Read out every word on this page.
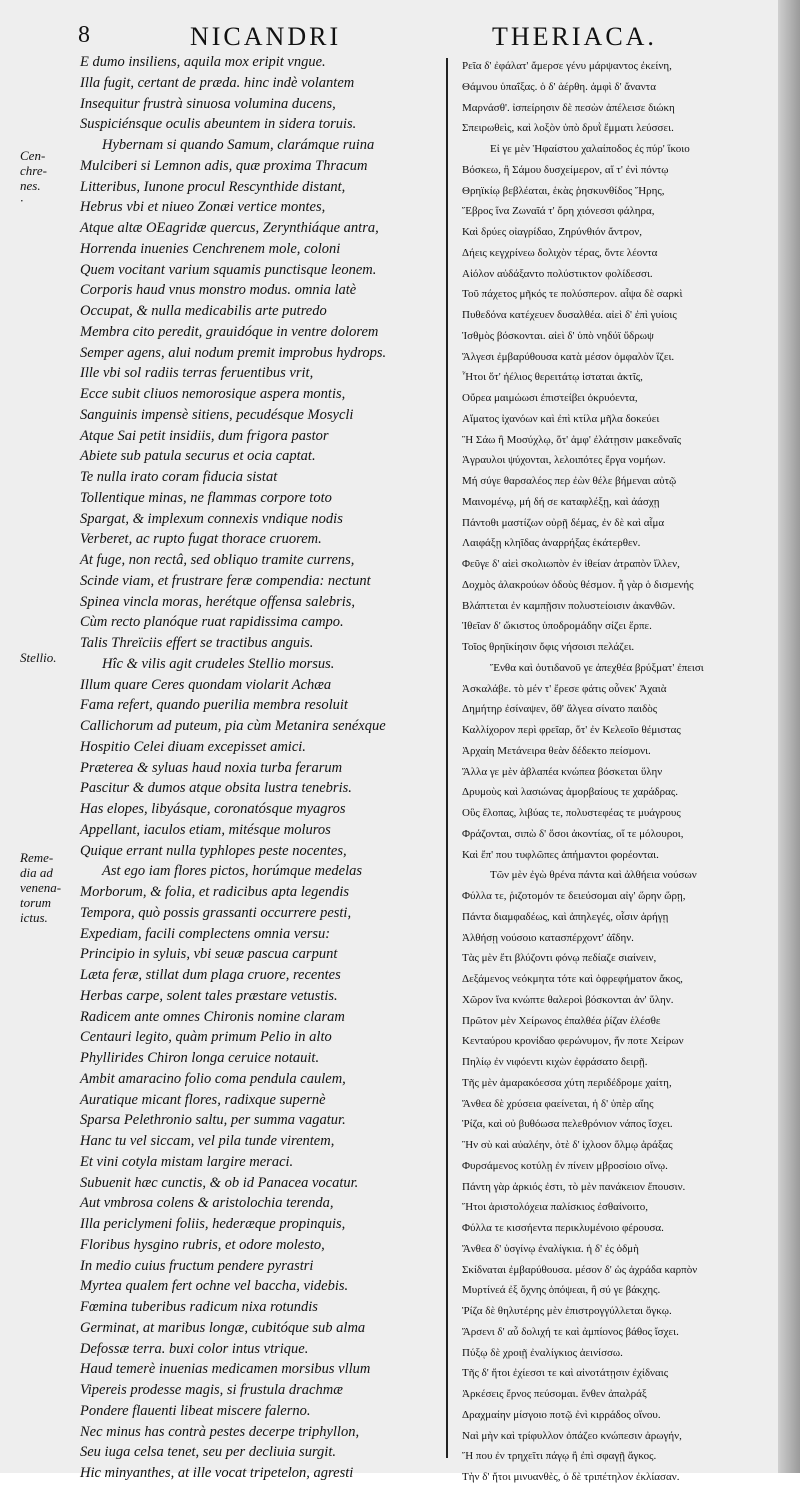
8	NICANDRI	THERIACA.
Cen-
chre-
nes.
·
Stellio.
Reme-
dia ad
venena-
torum
ictus.
E dumo insiliens, aquila mox eripit vngue.
Illa fugit, certant de præda. hinc indè volantem
Insequitur frustrà sinuosa volumina ducens,
Suspiciénsque oculis abeuntem in sidera toruis.
Hybernam si quando Samum, clarámque ruina
Mulciberi si Lemnon adis, quæ proxima Thracum
Litteribus, Iunone procul Rescynthide distant,
Hebrus vbi et niueo Zonæi vertice montes,
Atque altæ OEagridæ quercus, Zerynthiáque antra,
Horrenda inuenies Cenchrenem mole, coloni
Quem vocitant varium squamis punctisque leonem.
Corporis haud vnus monstro modus. omnia latè
Occupat, & nulla medicabilis arte putredo
Membra cito peredit, grauidóque in ventre dolorem
Semper agens, alui nodum premit improbus hydrops.
Ille vbi sol radiis terras feruentibus vrit,
Ecce subit cliuos nemorosique aspera montis,
Sanguinis impensè sitiens, pecudésque Mosycli
Atque Sai petit insidiis, dum frigora pastor
Abiete sub patula securus et ocia captat.
Te nulla irato coram fiducia sistat
Tollentique minas, ne flammas corpore toto
Spargat, & implexum connexis vndique nodis
Verberet, ac rupto fugat thorace cruorem.
At fuge, non rectâ, sed obliquo tramite currens,
Scinde viam, et frustrare feræ compendia: nectunt
Spinea vincla moras, herétque offensa salebris,
Cùm recto planóque ruat rapidissima campo.
Talis Threïciis effert se tractibus anguis.
Hîc & vilis agit crudeles Stellio morsus.
Illum quare Ceres quondam violarit Achæa
Fama refert, quando puerilia membra resoluit
Callichorum ad puteum, pia cùm Metanira senéxque
Hospitio Celei diuam excepisset amici.
Præterea & syluas haud noxia turba ferarum
Pascitur & dumos atque obsita lustra tenebris.
Has elopes, libyásque, coronatósque myagros
Appellant, iaculos etiam, mitésque moluros
Quique errant nulla typhlopes peste nocentes,
Ast ego iam flores pictos, horúmque medelas
Morborum, & folia, et radicibus apta legendis
Tempora, quò possis grassanti occurrere pesti,
Expediam, facili complectens omnia versu:
Principio in syluis, vbi seuæ pascua carpunt
Læta feræ, stillat dum plaga cruore, recentes
Herbas carpe, solent tales præstare vetustis.
Radicem ante omnes Chironis nomine claram
Centauri legito, quàm primum Pelio in alto
Phyllirides Chiron longa ceruice notauit.
Ambit amaracino folio coma pendula caulem,
Auratique micant flores, radixque supernè
Sparsa Pelethronio saltu, per summa vagatur.
Hanc tu vel siccam, vel pila tunde virentem,
Et vini cotyla mistam largire meraci.
Subuenit hæc cunctis, & ob id Panacea vocatur.
Aut vmbrosa colens & aristolochia terenda,
Illa periclymeni foliis, hederæque propinquis,
Floribus hysgino rubris, et odore molesto,
In medio cuius fructum pendere pyrastri
Myrtea qualem fert ochne vel baccha, videbis.
Fœmina tuberibus radicum nixa rotundis
Germinat, at maribus longæ, cubitóque sub alma
Defossæ terra. buxi color intus vtrique.
Haud temerè inuenias medicamen morsibus vllum
Vipereis prodesse magis, si frustula drachmæ
Pondere flauenti libeat miscere falerno.
Nec minus has contrà pestes decerpe triphyllon,
Seu iuga celsa tenet, seu per decliuia surgit.
Hic minyanthes, at ille vocat tripetelon, agresti
Ρεῖα δ' ἐφάλατ' ἄμερσε γένυ μάρψαντος ἐκείνη,
Θάμνου ὑπαΐξας. ὁ δ' ἀέρθη. ἀμφὶ δ' ἄναντα
Μαρνάσθ'. ἰσπείρησιν δὲ πεσὼν ἀπέλεισε διώκη
Σπειρωθεὶς, καὶ λοξὸν ὑπὸ δρυῒ ἔμματι λεύσσει.
Εἰ γε μὲν Ἡφαίστου χαλαίποδος ἐς πύρ' ἵκοιο
Βόσκεω, ἢ Σάμου δυσχείμερον, αἵ τ' ἐνὶ πόντῳ
Θρηϊκίῳ βεβλέαται, ἑκὰς ῥησκυνθίδος Ἥρης,
Ἕβρος ἵνα Ζωναῖά τ' ὄρη χιόνεσσι φάληρα,
Καὶ δρύες οἰαγρίδαο, Ζηρύνθιόν ἄντρον,
Δήεις κεγχρίνεω δολιχὸν τέρας, ὅντε λέοντα
Αἰόλον αὐδάξαντο πολύστικτον φολίδεσσι.
Τοῦ πάχετος μῆκός τε πολύσπερον. αἶψα δὲ σαρκὶ
Πυθεδόνα κατέχευεν δυσαλθέα. αἰεὶ δ' ἐπὶ γυίοις
Ἰσθμὸς βόσκονται. αἰεὶ δ' ὑπὸ νηδύϊ ὕδρωψ
Ἄλγεσι ἐμβαρύθουσα κατὰ μέσον ὀμφαλὸν ἵζει.
Ἦτοι ὅτ' ἠέλιος θερειτάτῳ ἱσταται ἀκτῖς,
Οὔρεα μαιμώωσι ἐπιστείβει ὀκρυόεντα,
Αἵματος ἰχανόων καὶ ἐπὶ κτίλα μῆλα δοκεύει
Ἢ Σάω ἢ Μοσύχλῳ, ὅτ' ἀμφ' ἐλάτῃσιν μακεδναῖς
Ἀγραυλοι ψύχονται, λελοιπότες ἔργα νομήων.
Μή σύγε θαρσαλέος περ ἐὼν θέλε βήμεναι αὐτῷ
Μαινομένῳ, μή δή σε καταφλέξῃ, καὶ ἀάσχῃ
Πάντοθι μαστίζων οὐρῇ δέμας, ἐν δὲ καὶ αἷμα
Λαιφάξῃ κληῖδας ἀναρρήξας ἑκάτερθεν.
Φεῦγε δ' αἰεὶ σκολιωπὸν ἐν ἰθείαν ἀτραπὸν ἴλλεν,
Δοχμὸς ἀλακρούων ὁδοὺς θέσμον. ἦ γὰρ ὁ δισμενής
Βλάπτεται ἐν καμπῇσιν πολυστείοισιν ἀκανθῶν.
Ἰθεῖαν δ' ὤκιστος ὑποδρομάδην σίζει ἕρπε.
Τοῖος θρηϊκίησιν ὄφις νήσοισι πελάζει.
Ἔνθα καὶ ὁυτιδανοῦ γε ἀπεχθέα βρύξματ' ἐπεισι
Ἀσκαλάβε. τὸ μέν τ' ἔρεσε φάτις οὖνεκ' Ἀχαιὰ
Δημήτηρ ἐσίναψεν, ὅθ' ἄλγεα σίνατο παιδὸς
Καλλίχορον περὶ φρεῖαρ, ὅτ' ἐν Κελεοῖο θέμιστας
Ἀρχαίη Μετάνειρα θεὰν δέδεκτο πείσμονι.
Ἄλλα γε μὲν ἀβλαπέα κνώπεα βόσκεται ὕλην
Δρυμοὺς καὶ λασιώνας ἀμορβαίους τε χαράδρας.
Οὓς ἔλοπας, λιβύας τε, πολυστεφέας τε μυάγρους
Φράζονται, σιπὼ δ' ὅσοι ἀκοντίας, οἵ τε μόλουροι,
Καὶ ἔπ' που τυφλῶπες ἀπήμαντοι φορέονται.
Τῶν μὲν ἐγὼ θρένα πάντα καὶ ἀλθήεια νούσων
Φύλλα τε, ῥιζοτομόν τε δειεύσομαι αἰγ' ὥρην ὥρῃ,
Πάντα διαμφαδέως, καὶ ἀπηλεγές, οἷσιν ἀρήγῃ
Ἀλθήσῃ νούσοιο κατασπέρχοντ' ἀΐδην.
Τὰς μὲν ἔτι βλύζοντι φόνῳ πεδίαζε σιαίνειν,
Δεξάμενος νεόκμητα τότε καὶ ὀφρεφήματον ἄκος,
Χῶρον ἵνα κνώπτε θαλεροὶ βόσκονται ἀν' ὕλην.
Πρῶτον μὲν Χείρωνος ἐπαλθέα ῥίζαν ἑλέσθε
Κενταύρου κρονίδαο φερώνυμον, ἥν ποτε Χείρων
Πηλίῳ ἐν νιφόεντι κιχὼν ἐφράσατο δειρῇ.
Τῆς μὲν ἀμαρακόεσσα χύτη περιδέδρομε χαίτη,
Ἄνθεα δὲ χρύσεια φαείνεται, ἡ δ' ὑπὲρ αἴης
Ῥίζα, καὶ οὐ βυθόωσα πελεθρόνιον νάπος ἴσχει.
Ἢν σὺ καὶ αὐαλέην, ὁτὲ δ' ἰχλοον ὅλμῳ ἀράξας
Φυρσάμενος κοτύλῃ ἐν πίνειν μβροσίοιο οἴνῳ.
Πάντη γὰρ ἀρκιός ἐστι, τὸ μὲν πανάκειον ἔπουσιν.
Ἤτοι ἀριστολόχεια παλίσκιος ἐσθαίνοιτο,
Φύλλα τε κισσήεντα περικλυμένοιο φέρουσα.
Ἄνθεα δ' ὑσγίνῳ ἐναλίγκια. ἡ δ' ἐς ὀδμὴ
Σκίδναται ἐμβαρύθουσα. μέσον δ' ὡς ἀχράδα καρπὸν
Μυρτίνεά ἐξ ὄχνης ὁπόψεαι, ἢ σύ γε βάκχης.
Ῥίζα δὲ θηλυτέρης μὲν ἐπιστρογγύλλεται ὄγκῳ.
Ἄρσενι δ' αὖ δολιχή τε καὶ ἀμπίονος βάθος ἴσχει.
Πύξῳ δὲ χροιῇ ἐναλίγκιος ἀεινίσσω.
Τῆς δ' ἤτοι ἐχίεσσι τε καὶ αἰνοτάτῃσιν ἐχίδναις
Ἀρκέσεις ἔρνος πεύσομαι. ἔνθεν ἀπαλράξ
Δραχμαίην μίσγοιο ποτῷ ἐνὶ κιρράδος οἴνου.
Ναὶ μὴν καὶ τρίφυλλον ὀπάζεο κνώπεσιν ἀρωγήν,
Ἤ που ἐν τρηχεῖτι πάγῳ ἢ ἐπὶ σφαγῇ ἄγκος.
Τὴν δ' ἤτοι μινυανθὲς, ὁ δὲ τριπέτηλον ἐκλίασαν.
